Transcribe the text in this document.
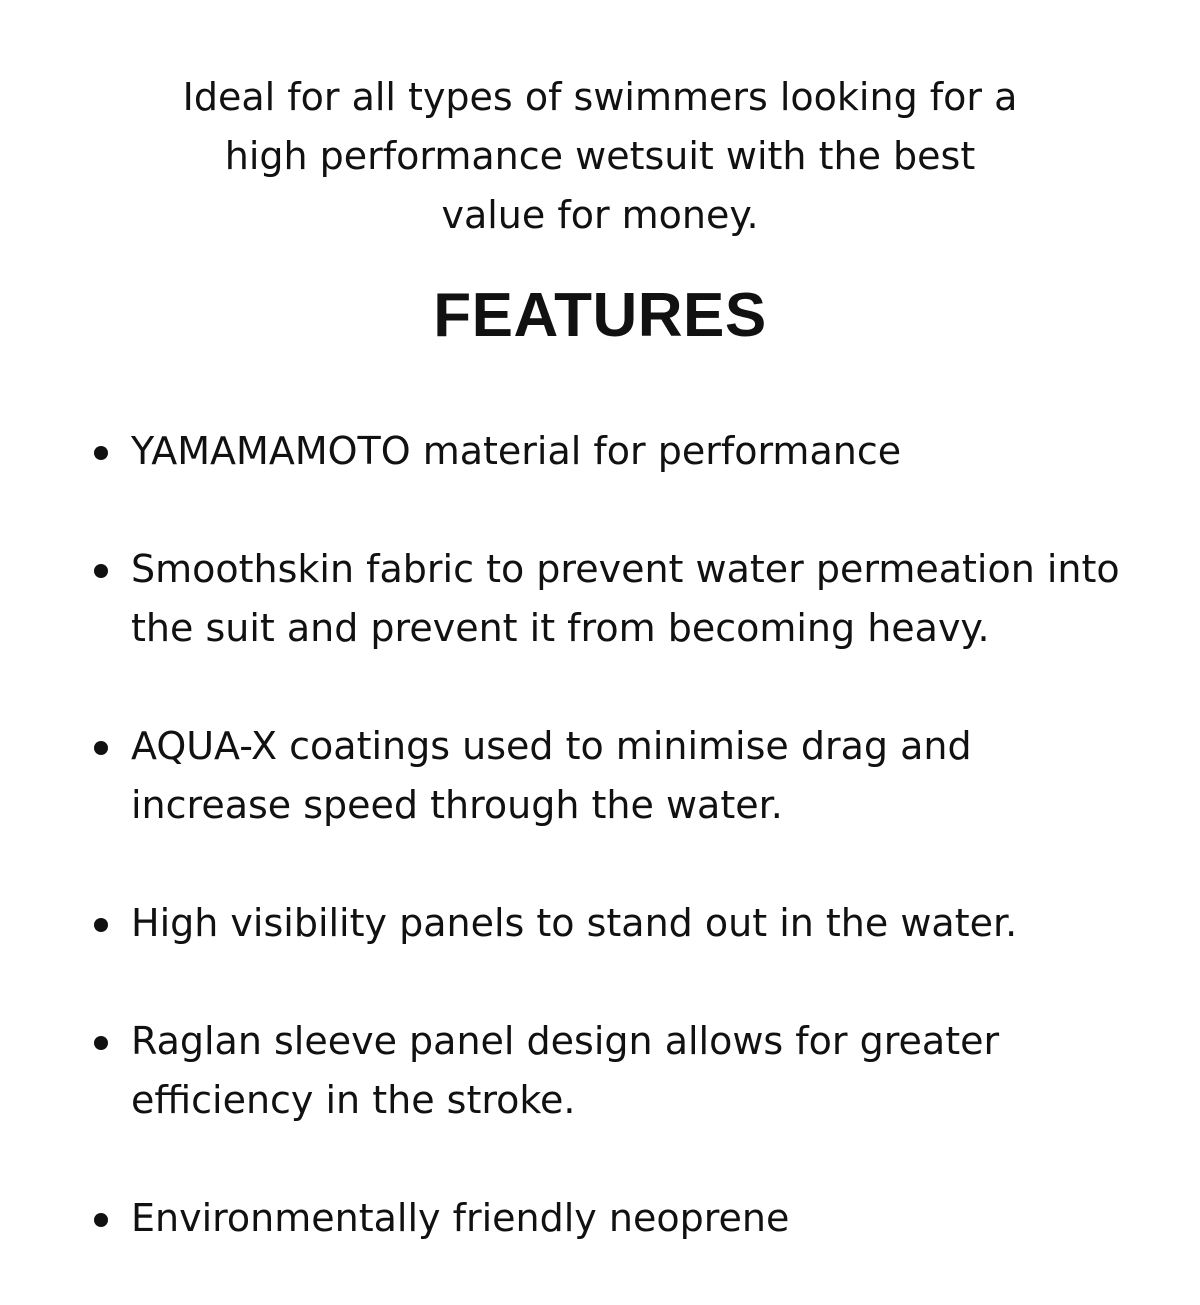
Ideal for all types of swimmers looking for a
high performance wetsuit with the best
value for money.

FEATURES
YAMAMAMOTO material for performance
Smoothskin fabric to prevent water permeation into
the suit and prevent it from becoming heavy.
AQUA-X coatings used to minimise drag and
increase speed through the water.
High visibility panels to stand out in the water.
Raglan sleeve panel design allows for greater
efficiency in the stroke.
Environmentally friendly neoprene
